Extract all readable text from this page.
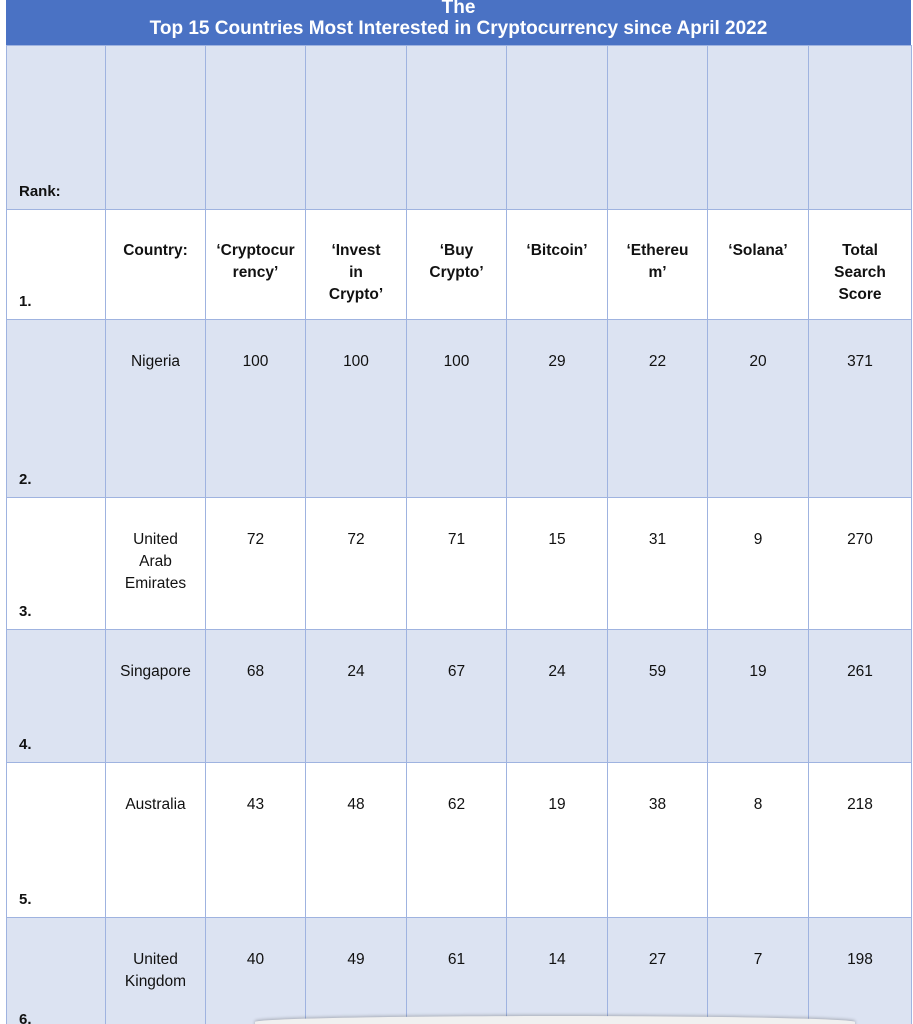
The
Top 15 Countries Most Interested in Cryptocurrency since April 2022
Rank:								

1.	Country:	‘Cryptocurrency’	‘Invest in Crypto’	‘Buy Crypto’	‘Bitcoin’	‘Ethereum’	‘Solana’	Total Search Score

2.	Nigeria	100	100	100	29	22	20	371

3.	United Arab Emirates	72	72	71	15	31	9	270

4.	Singapore	68	24	67	24	59	19	261

5.	Australia	43	48	62	19	38	8	218

6.	United Kingdom	40	49	61	14	27	7	198
